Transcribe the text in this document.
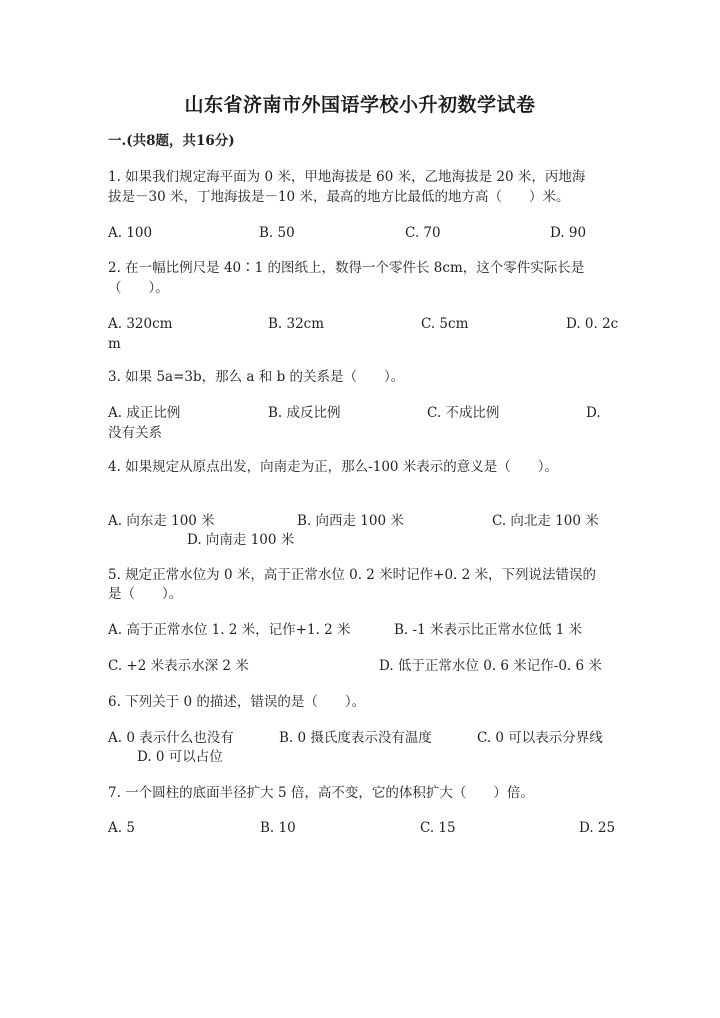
山东省济南市外国语学校小升初数学试卷
一.(共8题，共16分)
1. 如果我们规定海平面为 0 米，甲地海拔是 60 米，乙地海拔是 20 米，丙地海
拔是－30 米，丁地海拔是－10 米，最高的地方比最低的地方高（　　）米。
A. 100	B. 50	C. 70	D. 90
2. 在一幅比例尺是 40∶1 的图纸上，数得一个零件长 8cm，这个零件实际长是
（　　）。
A. 320cm	B. 32cm	C. 5cm	D. 0. 2c
m
3. 如果 5a=3b，那么 a 和 b 的关系是（　　）。
A. 成正比例	B. 成反比例	C. 不成比例	D.
没有关系
4. 如果规定从原点出发，向南走为正，那么-100 米表示的意义是（　　）。
A. 向东走 100 米	B. 向西走 100 米	C. 向北走 100 米
D. 向南走 100 米
5. 规定正常水位为 0 米，高于正常水位 0. 2 米时记作+0. 2 米，下列说法错误的
是（　　）。
A. 高于正常水位 1. 2 米，记作+1. 2 米	B. -1 米表示比正常水位低 1 米
C. +2 米表示水深 2 米	D. 低于正常水位 0. 6 米记作-0. 6 米
6. 下列关于 0 的描述，错误的是（　　）。
A. 0 表示什么也没有	B. 0 摄氏度表示没有温度	C. 0 可以表示分界线
D. 0 可以占位
7. 一个圆柱的底面半径扩大 5 倍，高不变，它的体积扩大（　　）倍。
A. 5	B. 10	C. 15	D. 25
